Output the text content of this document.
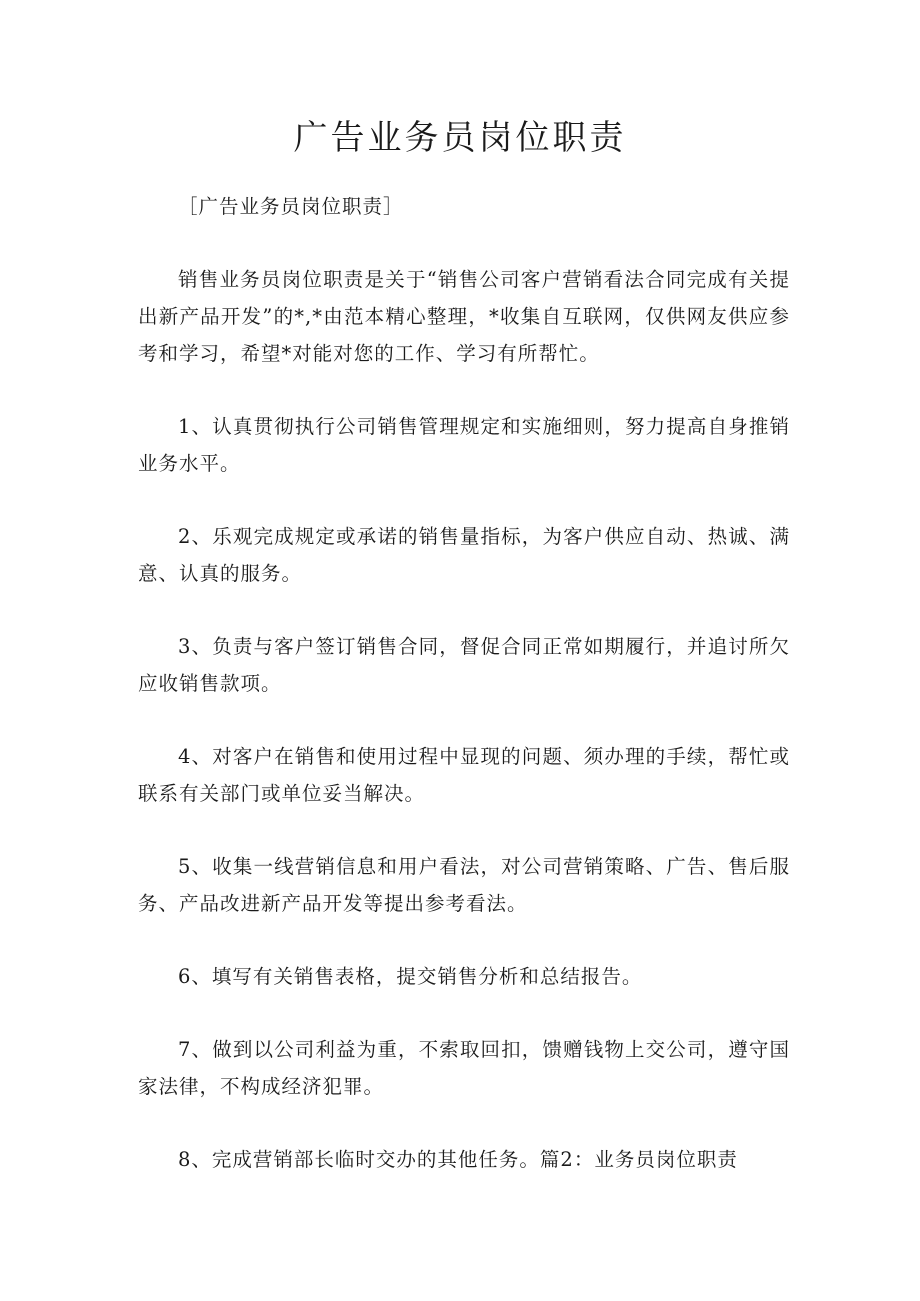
广告业务员岗位职责

［广告业务员岗位职责］

销售业务员岗位职责是关于“销售公司客户营销看法合同完成有关提出新产品开发”的*,*由范本精心整理，*收集自互联网，仅供网友供应参考和学习，希望*对能对您的工作、学习有所帮忙。

1、认真贯彻执行公司销售管理规定和实施细则，努力提高自身推销业务水平。

2、乐观完成规定或承诺的销售量指标，为客户供应自动、热诚、满意、认真的服务。

3、负责与客户签订销售合同，督促合同正常如期履行，并追讨所欠应收销售款项。

4、对客户在销售和使用过程中显现的问题、须办理的手续，帮忙或联系有关部门或单位妥当解决。

5、收集一线营销信息和用户看法，对公司营销策略、广告、售后服务、产品改进新产品开发等提出参考看法。

6、填写有关销售表格，提交销售分析和总结报告。

7、做到以公司利益为重，不索取回扣，馈赠钱物上交公司，遵守国家法律，不构成经济犯罪。

8、完成营销部长临时交办的其他任务。篇2：业务员岗位职责
